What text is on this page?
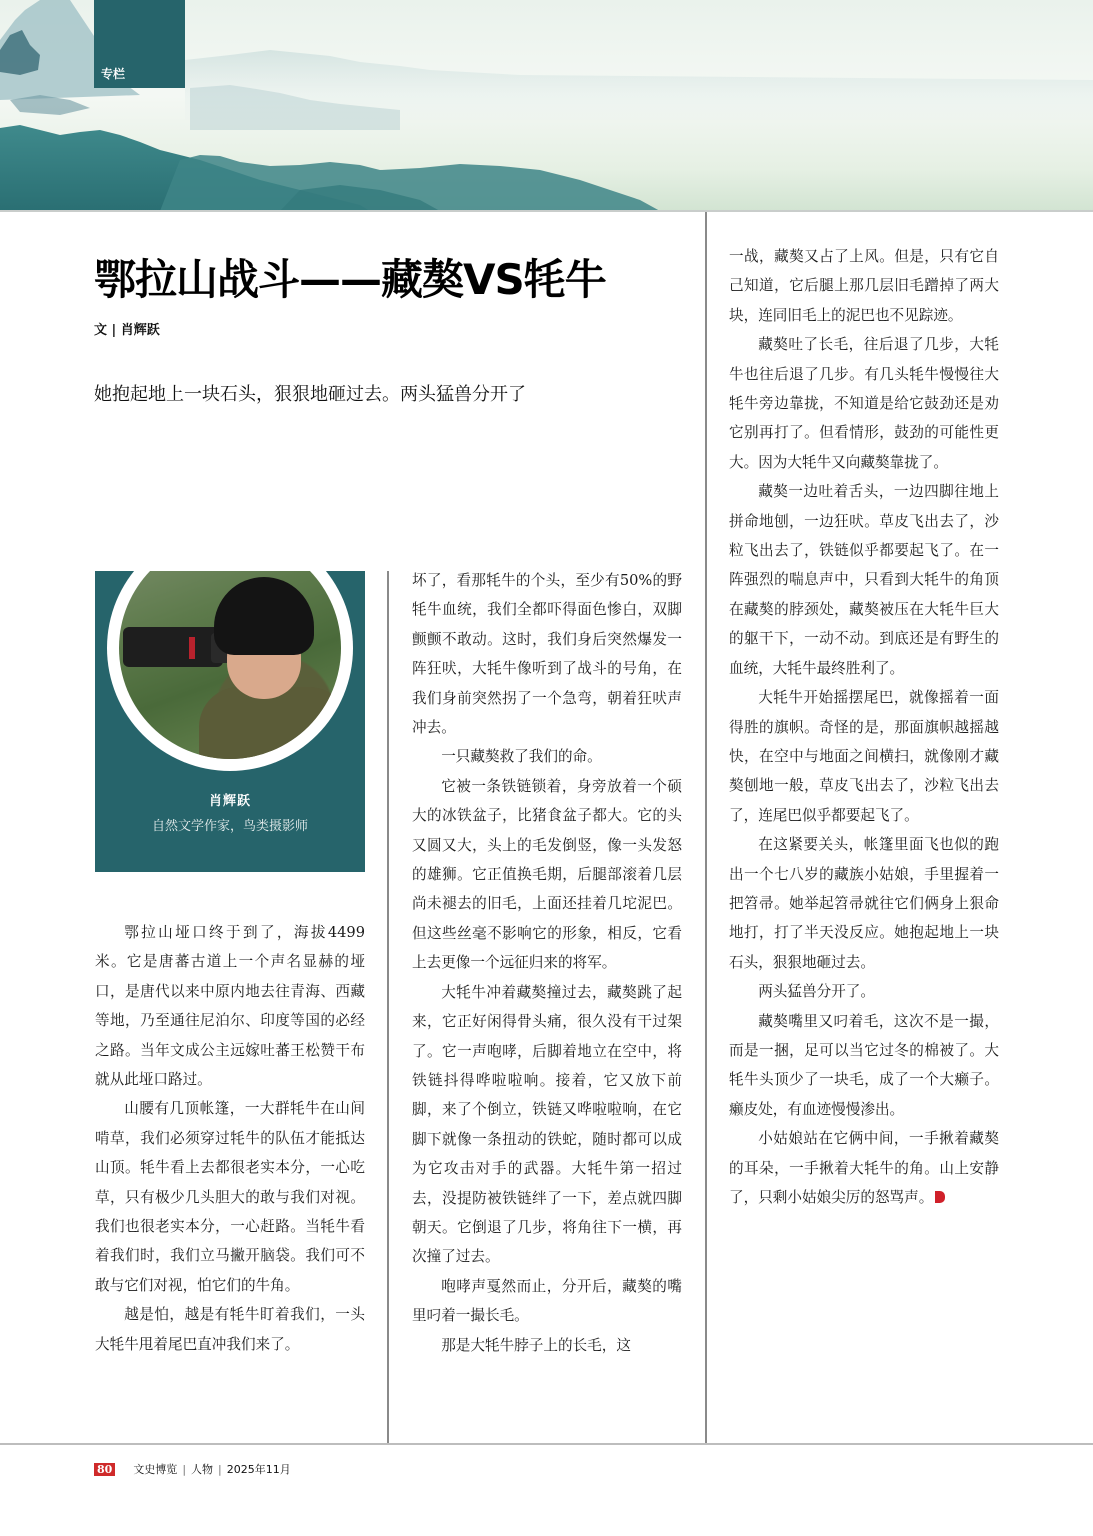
专栏
鄂拉山战斗——藏獒VS牦牛
文 | 肖辉跃
她抱起地上一块石头，狠狠地砸过去。两头猛兽分开了
肖辉跃
自然文学作家，鸟类摄影师

鄂拉山垭口终于到了，海拔4499米。它是唐蕃古道上一个声名显赫的垭口，是唐代以来中原内地去往青海、西藏等地，乃至通往尼泊尔、印度等国的必经之路。当年文成公主远嫁吐蕃王松赞干布就从此垭口路过。

山腰有几顶帐篷，一大群牦牛在山间啃草，我们必须穿过牦牛的队伍才能抵达山顶。牦牛看上去都很老实本分，一心吃草，只有极少几头胆大的敢与我们对视。我们也很老实本分，一心赶路。当牦牛看着我们时，我们立马撇开脑袋。我们可不敢与它们对视，怕它们的牛角。

越是怕，越是有牦牛盯着我们，一头大牦牛甩着尾巴直冲我们来了。

坏了，看那牦牛的个头，至少有50%的野牦牛血统，我们全都吓得面色惨白，双脚颤颤不敢动。这时，我们身后突然爆发一阵狂吠，大牦牛像听到了战斗的号角，在我们身前突然拐了一个急弯，朝着狂吠声冲去。

一只藏獒救了我们的命。

它被一条铁链锁着，身旁放着一个硕大的冰铁盆子，比猪食盆子都大。它的头又圆又大，头上的毛发倒竖，像一头发怒的雄狮。它正值换毛期，后腿部滚着几层尚未褪去的旧毛，上面还挂着几坨泥巴。但这些丝毫不影响它的形象，相反，它看上去更像一个远征归来的将军。

大牦牛冲着藏獒撞过去，藏獒跳了起来，它正好闲得骨头痛，很久没有干过架了。它一声咆哮，后脚着地立在空中，将铁链抖得哗啦啦响。接着，它又放下前脚，来了个倒立，铁链又哗啦啦响，在它脚下就像一条扭动的铁蛇，随时都可以成为它攻击对手的武器。大牦牛第一招过去，没提防被铁链绊了一下，差点就四脚朝天。它倒退了几步，将角往下一横，再次撞了过去。

咆哮声戛然而止，分开后，藏獒的嘴里叼着一撮长毛。

那是大牦牛脖子上的长毛，这

一战，藏獒又占了上风。但是，只有它自己知道，它后腿上那几层旧毛蹭掉了两大块，连同旧毛上的泥巴也不见踪迹。

藏獒吐了长毛，往后退了几步，大牦牛也往后退了几步。有几头牦牛慢慢往大牦牛旁边靠拢，不知道是给它鼓劲还是劝它别再打了。但看情形，鼓劲的可能性更大。因为大牦牛又向藏獒靠拢了。

藏獒一边吐着舌头，一边四脚往地上拼命地刨，一边狂吠。草皮飞出去了，沙粒飞出去了，铁链似乎都要起飞了。在一阵强烈的喘息声中，只看到大牦牛的角顶在藏獒的脖颈处，藏獒被压在大牦牛巨大的躯干下，一动不动。到底还是有野生的血统，大牦牛最终胜利了。

大牦牛开始摇摆尾巴，就像摇着一面得胜的旗帜。奇怪的是，那面旗帜越摇越快，在空中与地面之间横扫，就像刚才藏獒刨地一般，草皮飞出去了，沙粒飞出去了，连尾巴似乎都要起飞了。

在这紧要关头，帐篷里面飞也似的跑出一个七八岁的藏族小姑娘，手里握着一把笤帚。她举起笤帚就往它们俩身上狠命地打，打了半天没反应。她抱起地上一块石头，狠狠地砸过去。

两头猛兽分开了。

藏獒嘴里又叼着毛，这次不是一撮，而是一捆，足可以当它过冬的棉被了。大牦牛头顶少了一块毛，成了一个大癞子。癞皮处，有血迹慢慢渗出。

小姑娘站在它俩中间，一手揪着藏獒的耳朵，一手揪着大牦牛的角。山上安静了，只剩小姑娘尖厉的怒骂声。

80 文史博览 | 人物 | 2025年11月
